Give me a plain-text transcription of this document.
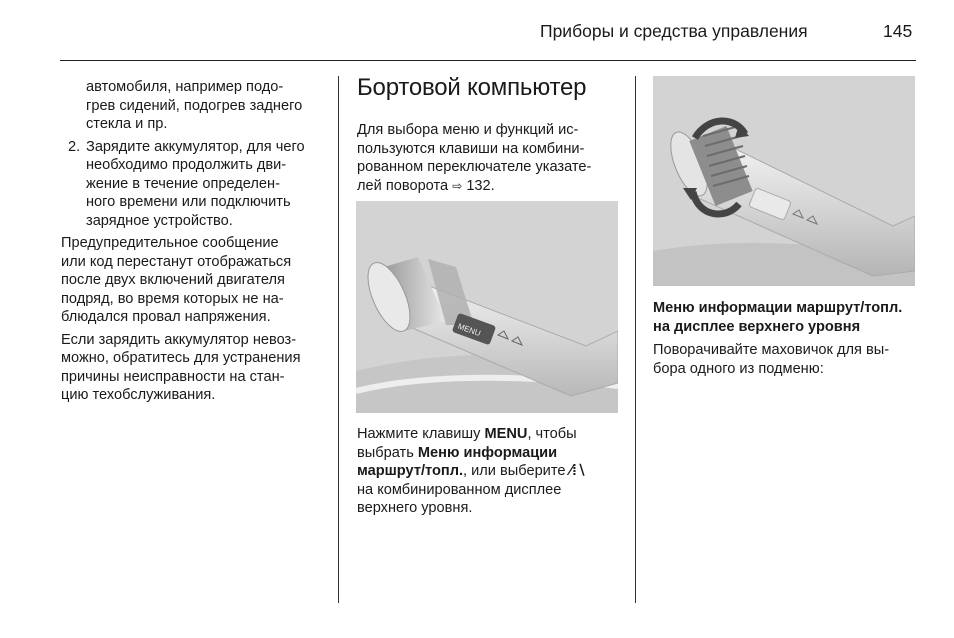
Приборы и средства управления	145
автомобиля, например подо-
грев сидений, подогрев заднего
стекла и пр.
2. Зарядите аккумулятор, для чего
необходимо продолжить дви-
жение в течение определен-
ного времени или подключить
зарядное устройство.
Предупредительное сообщение
или код перестанут отображаться
после двух включений двигателя
подряд, во время которых не на-
блюдался провал напряжения.
Если зарядить аккумулятор невоз-
можно, обратитесь для устранения
причины неисправности на стан-
цию техобслуживания.
Бортовой компьютер
Для выбора меню и функций ис-
пользуются клавиши на комбини-
рованном переключателе указате-
лей поворота ⇨ 132.
MENU
Нажмите клавишу MENU, чтобы
выбрать Меню информации
маршрут/топл., или выберите ⁄⁞∖
на комбинированном дисплее
верхнего уровня.
Меню информации маршрут/топл.
на дисплее верхнего уровня
Поворачивайте маховичок для вы-
бора одного из подменю:
